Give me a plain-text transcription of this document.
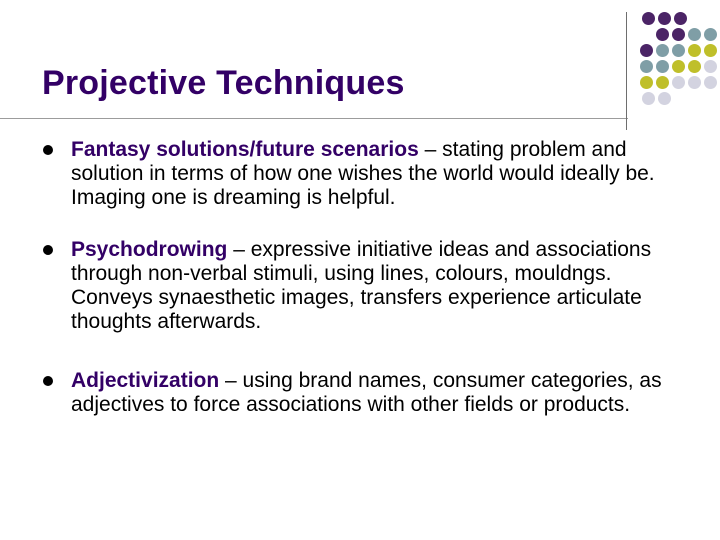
Projective Techniques
Fantasy solutions/future scenarios – stating problem and solution in terms of how one wishes the world would ideally be. Imaging one is dreaming is helpful.
Psychodrowing – expressive initiative ideas and associations through non-verbal stimuli, using lines, colours, mouldngs. Conveys synaesthetic images, transfers experience articulate thoughts afterwards.
Adjectivization – using brand names, consumer categories, as adjectives to force associations with other fields or products.
